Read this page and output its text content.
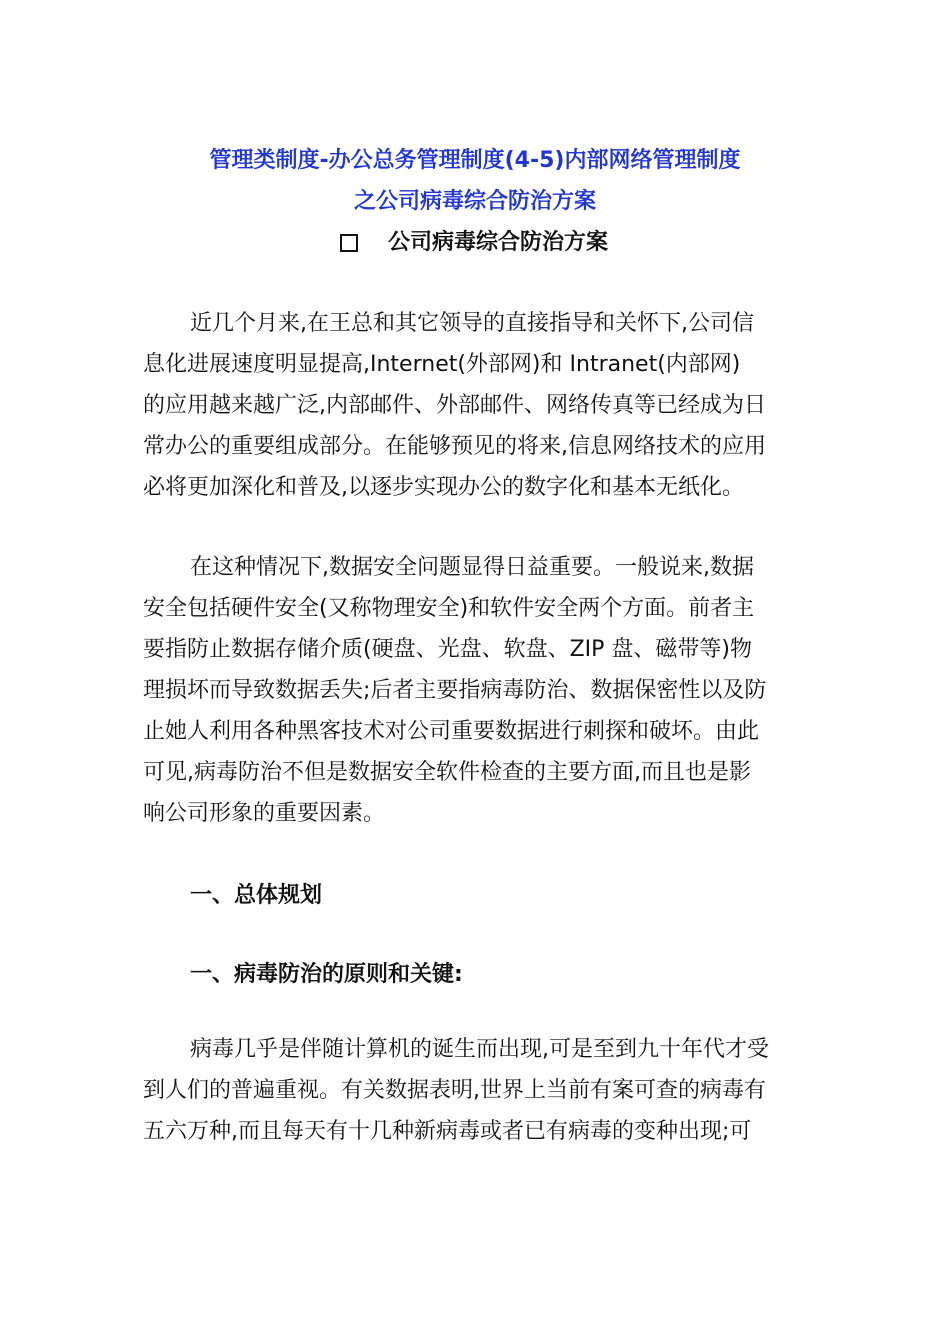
管理类制度-办公总务管理制度(4-5)内部网络管理制度
之公司病毒综合防治方案
公司病毒综合防治方案
近几个月来,在王总和其它领导的直接指导和关怀下,公司信
息化进展速度明显提高,Internet(外部网)和 Intranet(内部网)
的应用越来越广泛,内部邮件、外部邮件、网络传真等已经成为日
常办公的重要组成部分。在能够预见的将来,信息网络技术的应用
必将更加深化和普及,以逐步实现办公的数字化和基本无纸化。
在这种情况下,数据安全问题显得日益重要。一般说来,数据
安全包括硬件安全(又称物理安全)和软件安全两个方面。前者主
要指防止数据存储介质(硬盘、光盘、软盘、ZIP 盘、磁带等)物
理损坏而导致数据丢失;后者主要指病毒防治、数据保密性以及防
止她人利用各种黑客技术对公司重要数据进行刺探和破坏。由此
可见,病毒防治不但是数据安全软件检查的主要方面,而且也是影
响公司形象的重要因素。
一、总体规划
一、病毒防治的原则和关键:
病毒几乎是伴随计算机的诞生而出现,可是至到九十年代才受
到人们的普遍重视。有关数据表明,世界上当前有案可查的病毒有
五六万种,而且每天有十几种新病毒或者已有病毒的变种出现;可
